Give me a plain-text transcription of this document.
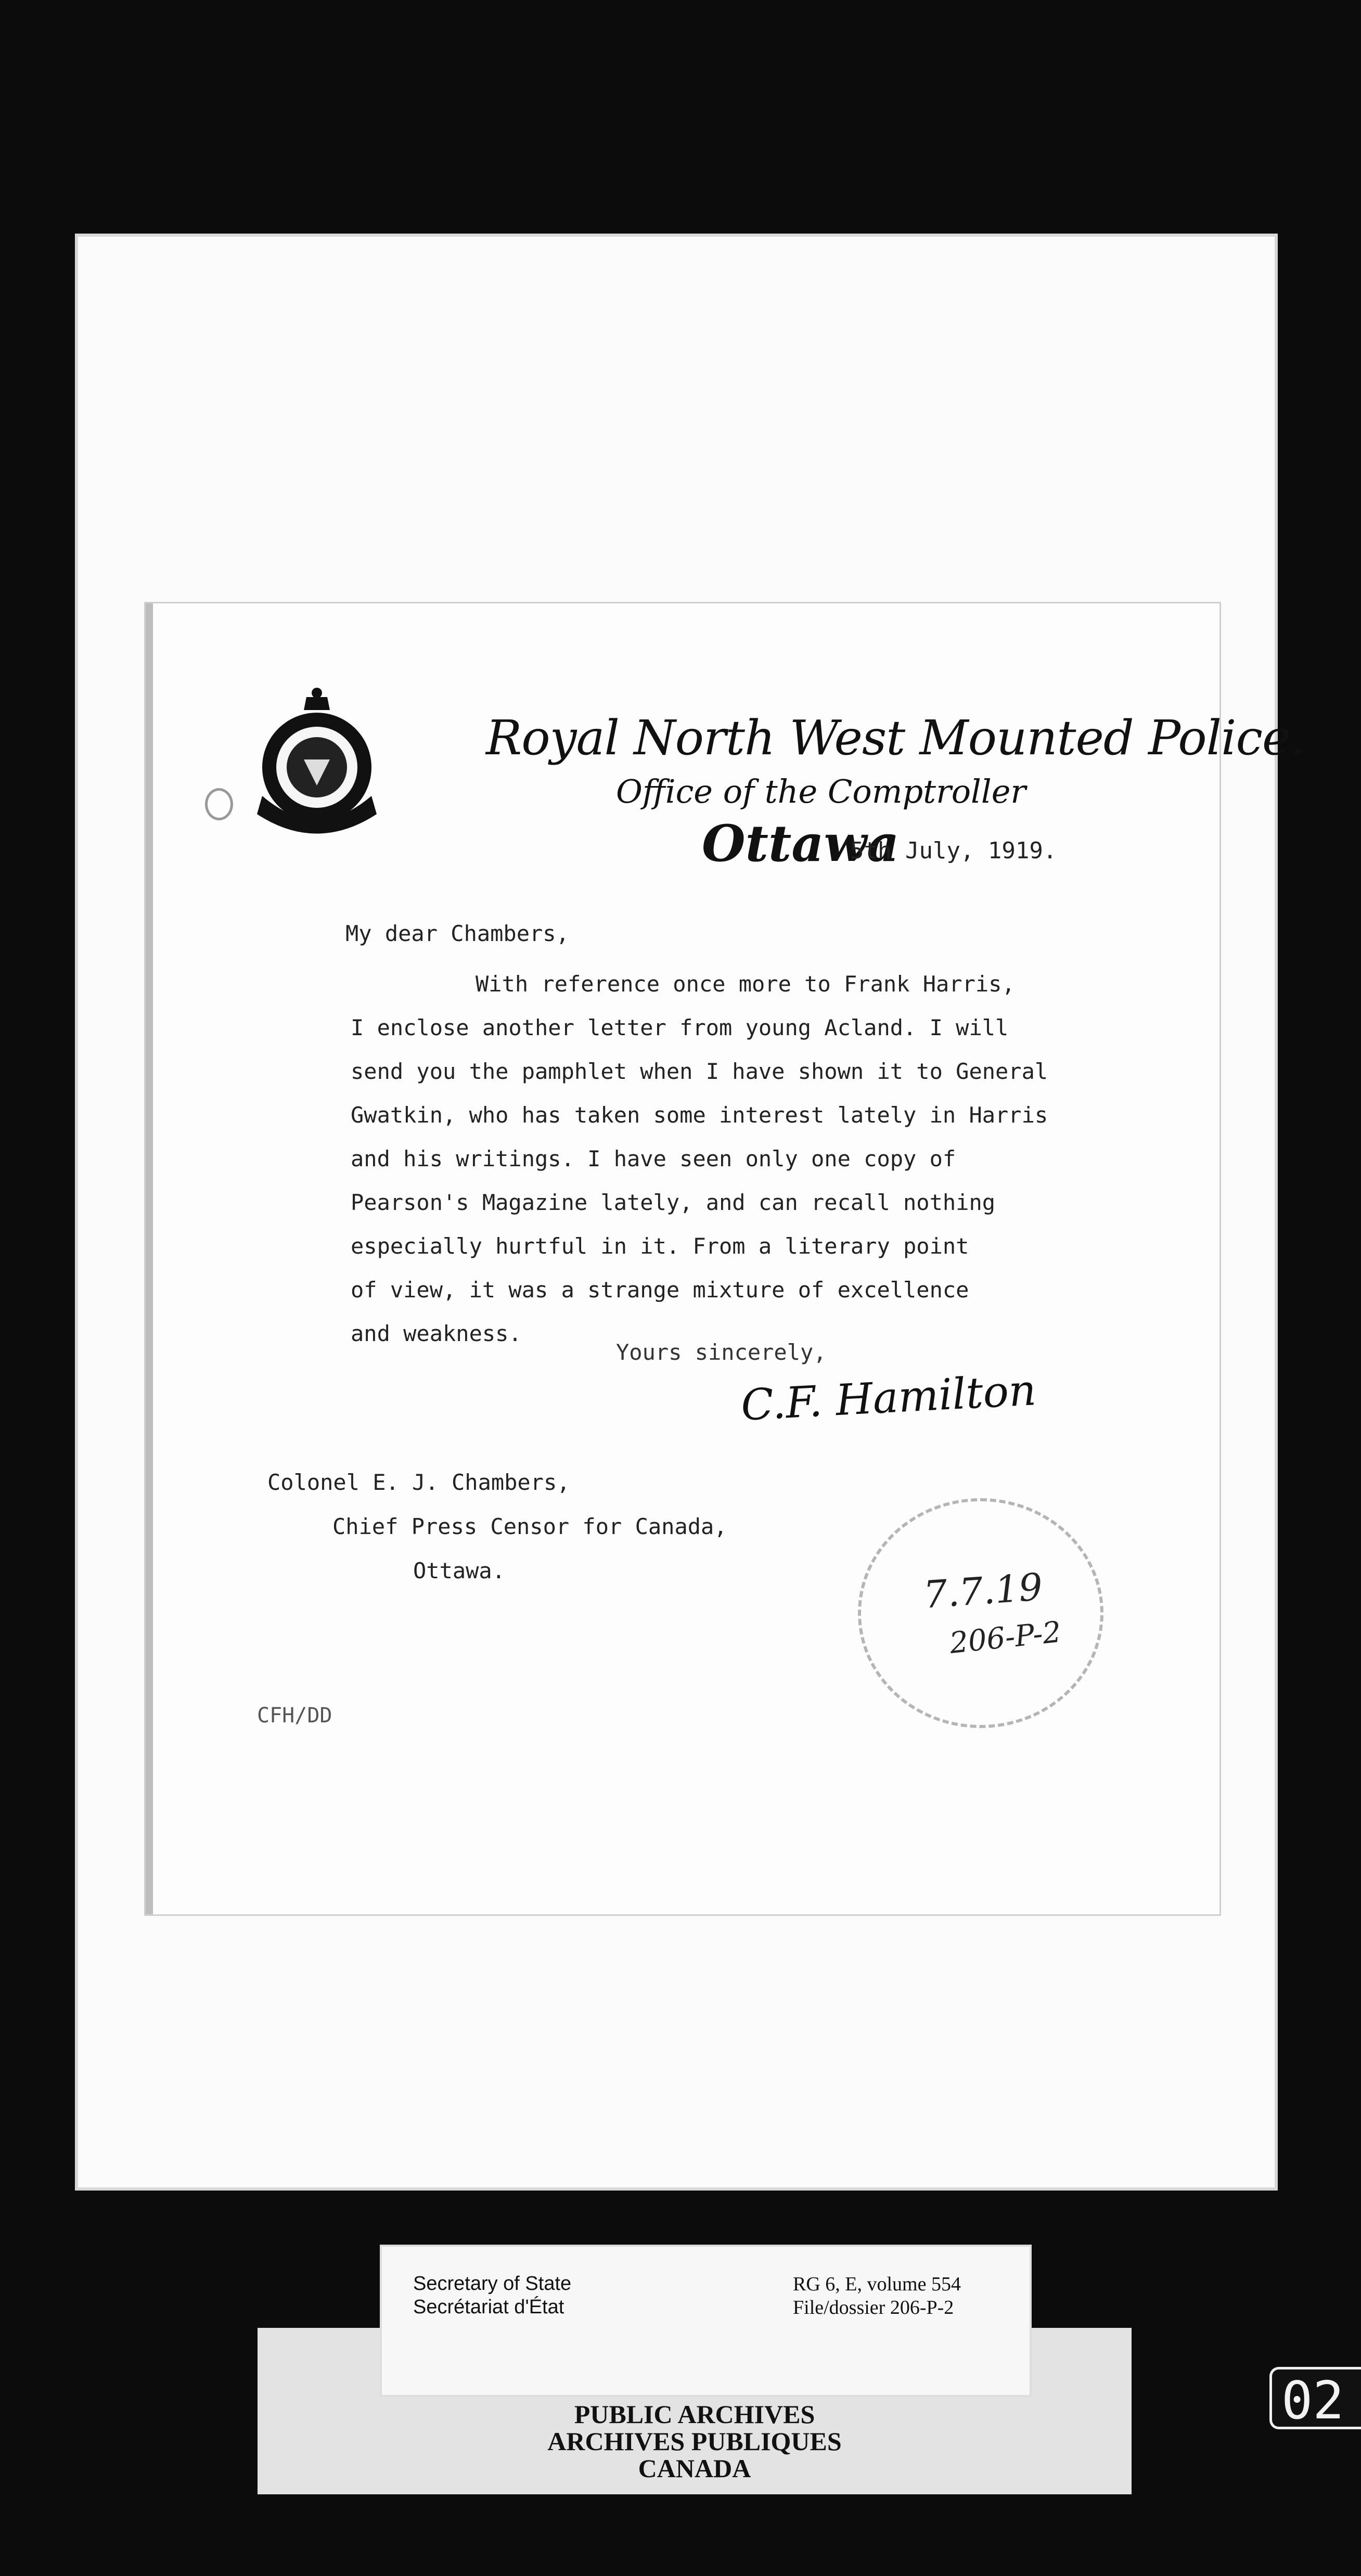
Royal North West Mounted Police.
Office of the Comptroller
Ottawa
5th July, 1919.
My dear Chambers,
With reference once more to Frank Harris,
I enclose another letter from young Acland. I will
send you the pamphlet when I have shown it to General
Gwatkin, who has taken some interest lately in Harris
and his writings. I have seen only one copy of
Pearson's Magazine lately, and can recall nothing
especially hurtful in it. From a literary point
of view, it was a strange mixture of excellence
and weakness.
Yours sincerely,
C.F. Hamilton
Colonel E. J. Chambers,
Chief Press Censor for Canada,
Ottawa.
CFH/DD
7.7.19
206-P-2
PUBLIC ARCHIVES
ARCHIVES PUBLIQUES
CANADA
Secretary of State
Secrétariat d'État
RG 6, E, volume 554
File/dossier 206-P-2
02
